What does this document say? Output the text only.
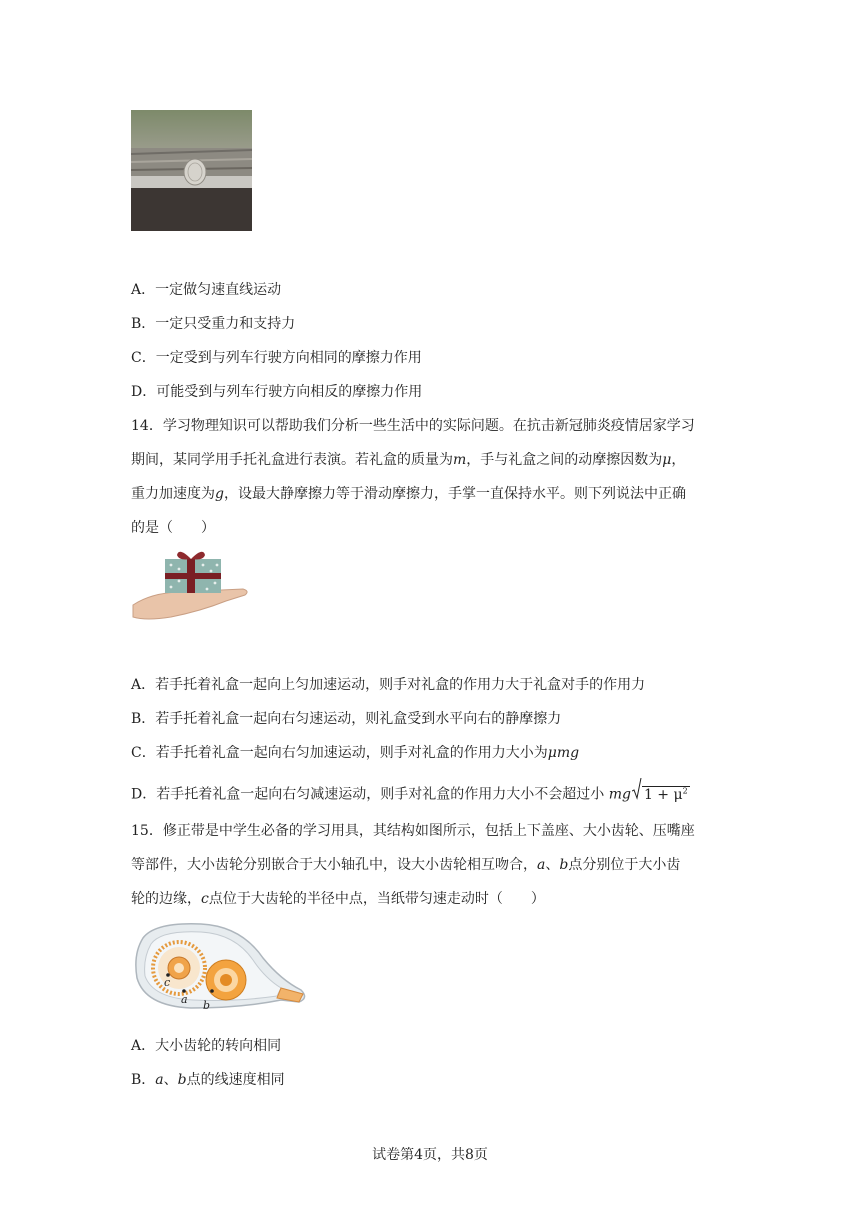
A．一定做匀速直线运动
B．一定只受重力和支持力
C．一定受到与列车行驶方向相同的摩擦力作用
D．可能受到与列车行驶方向相反的摩擦力作用
14．学习物理知识可以帮助我们分析一些生活中的实际问题。在抗击新冠肺炎疫情居家学习
期间，某同学用手托礼盒进行表演。若礼盒的质量为m，手与礼盒之间的动摩擦因数为μ，
重力加速度为g，设最大静摩擦力等于滑动摩擦力，手掌一直保持水平。则下列说法中正确
的是（　　）
A．若手托着礼盒一起向上匀加速运动，则手对礼盒的作用力大于礼盒对手的作用力
B．若手托着礼盒一起向右匀速运动，则礼盒受到水平向右的静摩擦力
C．若手托着礼盒一起向右匀加速运动，则手对礼盒的作用力大小为μmg
D．若手托着礼盒一起向右匀减速运动，则手对礼盒的作用力大小不会超过小 mg $1 + \mu^2$
15．修正带是中学生必备的学习用具，其结构如图所示，包括上下盖座、大小齿轮、压嘴座
等部件，大小齿轮分别嵌合于大小轴孔中，设大小齿轮相互吻合，a、b点分别位于大小齿
轮的边缘，c点位于大齿轮的半径中点，当纸带匀速走动时（　　）
c
a b
A．大小齿轮的转向相同
B．a、b点的线速度相同
试卷第4页，共8页
